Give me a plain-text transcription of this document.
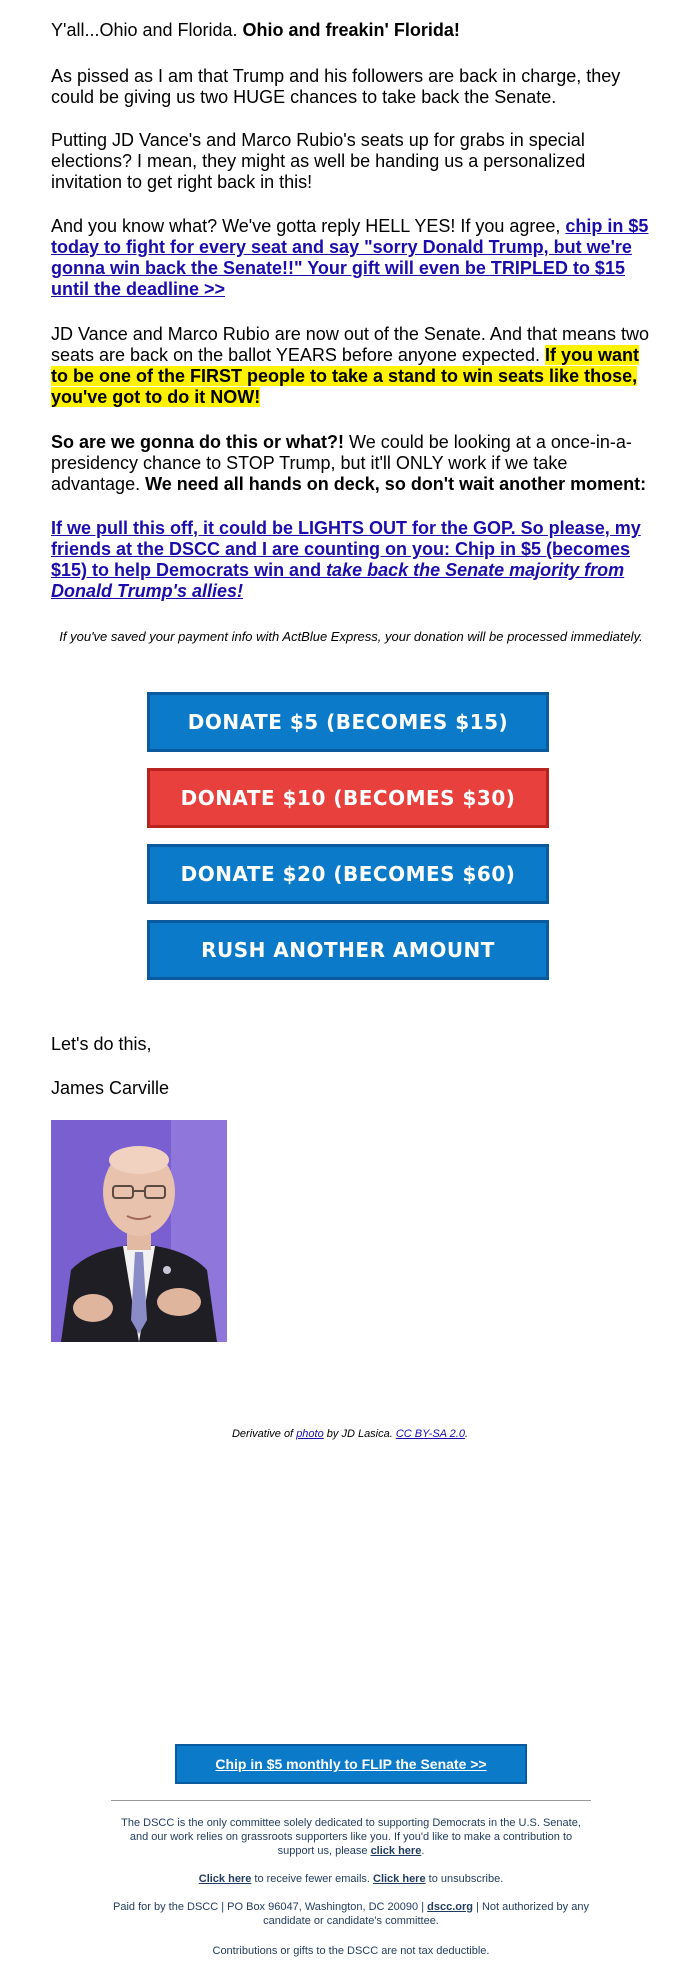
Y'all...Ohio and Florida. Ohio and freakin' Florida!

As pissed as I am that Trump and his followers are back in charge, they could be giving us two HUGE chances to take back the Senate.

Putting JD Vance's and Marco Rubio's seats up for grabs in special elections? I mean, they might as well be handing us a personalized invitation to get right back in this!

And you know what? We've gotta reply HELL YES! If you agree, chip in $5 today to fight for every seat and say "sorry Donald Trump, but we're gonna win back the Senate!!" Your gift will even be TRIPLED to $15 until the deadline >>

JD Vance and Marco Rubio are now out of the Senate. And that means two seats are back on the ballot YEARS before anyone expected. If you want to be one of the FIRST people to take a stand to win seats like those, you've got to do it NOW!

So are we gonna do this or what?! We could be looking at a once-in-a-presidency chance to STOP Trump, but it'll ONLY work if we take advantage. We need all hands on deck, so don't wait another moment:

If we pull this off, it could be LIGHTS OUT for the GOP. So please, my friends at the DSCC and I are counting on you: Chip in $5 (becomes $15) to help Democrats win and take back the Senate majority from Donald Trump's allies!

If you've saved your payment info with ActBlue Express, your donation will be processed immediately.
DONATE $5 (BECOMES $15)
DONATE $10 (BECOMES $30)
DONATE $20 (BECOMES $60)
RUSH ANOTHER AMOUNT
Let's do this,
James Carville
Derivative of photo by JD Lasica. CC BY-SA 2.0.
Chip in $5 monthly to FLIP the Senate >>
The DSCC is the only committee solely dedicated to supporting Democrats in the U.S. Senate, and our work relies on grassroots supporters like you. If you'd like to make a contribution to support us, please click here.
Click here to receive fewer emails. Click here to unsubscribe.
Paid for by the DSCC | PO Box 96047, Washington, DC 20090 | dscc.org | Not authorized by any candidate or candidate's committee.
Contributions or gifts to the DSCC are not tax deductible.
